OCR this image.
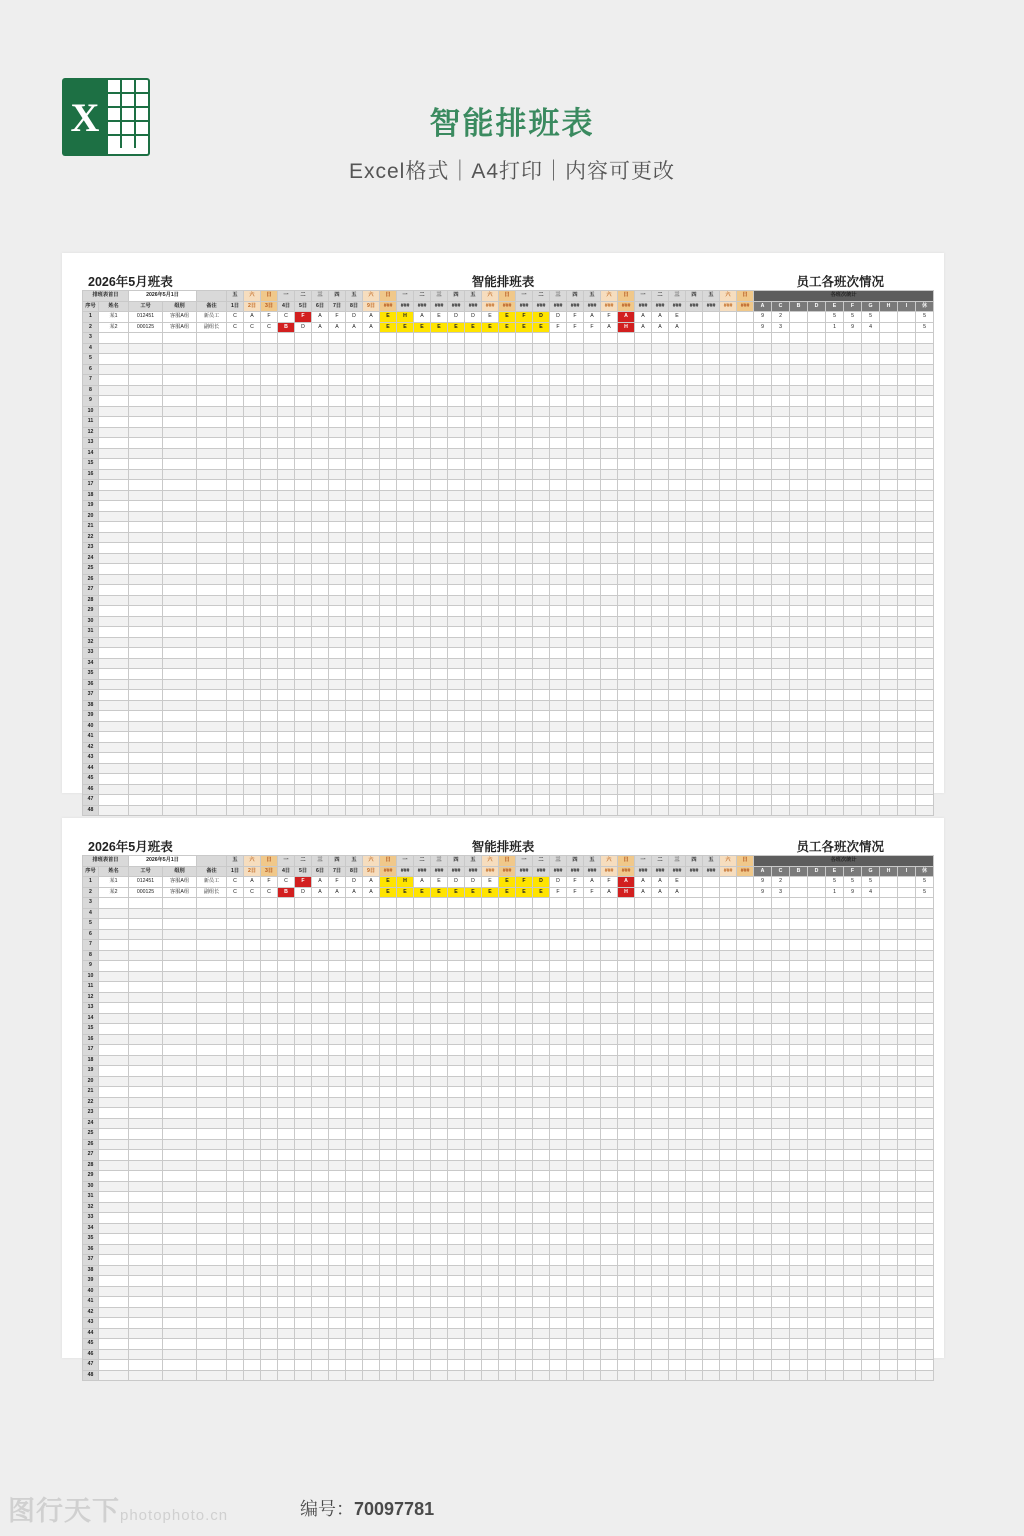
X	智能排班表
Excel格式｜A4打印｜内容可更改
2026年5月班表	智能排班表	员工各班次情况
排班表首日		2026年5月1日			五	六	日	一	二	三	四	五	六	日	一	二	三	四	五	六	日	一	二	三	四	五	六	日	一	二	三	四	五	六	日	各班次统计									
序号	姓名	工号	组别	备注	1日	2日	3日	4日	5日	6日	7日	8日	9日	###	###	###	###	###	###	###	###	###	###	###	###	###	###	###	###	###	###	###	###	###	###	A	C	B	D	E	F	G	H	I	休
1	某1	012451	客服A组	新员工	C	A	F	C	F	A	F	D	A	E	H	A	E	D	D	E	E	F	D	D	F	A	F	A	A	A	E					9	2			5	5	5			5
2	某2	000125	客服A组	副组长	C	C	C	B	D	A	A	A	A	E	E	E	E	E	E	E	E	E	E	F	F	F	A	H	A	A	A					9	3			1	9	4			5
3																																													
4																																													
5																																													
6																																													
7																																													
8																																													
9																																													
10																																													
11																																													
12																																													
13																																													
14																																													
15																																													
16																																													
17																																													
18																																													
19																																													
20																																													
21																																													
22																																													
23																																													
24																																													
25																																													
26																																													
27																																													
28																																													
29																																													
30																																													
31																																													
32																																													
33																																													
34																																													
35																																													
36																																													
37																																													
38																																													
39																																													
40																																													
41																																													
42																																													
43																																													
44																																													
45																																													
46																																													
47																																													
48																																													
2026年5月班表	智能排班表	员工各班次情况
排班表首日		2026年5月1日			五	六	日	一	二	三	四	五	六	日	一	二	三	四	五	六	日	一	二	三	四	五	六	日	一	二	三	四	五	六	日	各班次统计									
序号	姓名	工号	组别	备注	1日	2日	3日	4日	5日	6日	7日	8日	9日	###	###	###	###	###	###	###	###	###	###	###	###	###	###	###	###	###	###	###	###	###	###	A	C	B	D	E	F	G	H	I	休
1	某1	012451	客服A组	新员工	C	A	F	C	F	A	F	D	A	E	H	A	E	D	D	E	E	F	D	D	F	A	F	A	A	A	E					9	2			5	5	5			5
2	某2	000125	客服A组	副组长	C	C	C	B	D	A	A	A	A	E	E	E	E	E	E	E	E	E	E	F	F	F	A	H	A	A	A					9	3			1	9	4			5
3																																													
4																																													
5																																													
6																																													
7																																													
8																																													
9																																													
10																																													
11																																													
12																																													
13																																													
14																																													
15																																													
16																																													
17																																													
18																																													
19																																													
20																																													
21																																													
22																																													
23																																													
24																																													
25																																													
26																																													
27																																													
28																																													
29																																													
30																																													
31																																													
32																																													
33																																													
34																																													
35																																													
36																																													
37																																													
38																																													
39																																													
40																																													
41																																													
42																																													
43																																													
44																																													
45																																													
46																																													
47																																													
48																																													
图行天下photophoto.cn	编号：70097781
